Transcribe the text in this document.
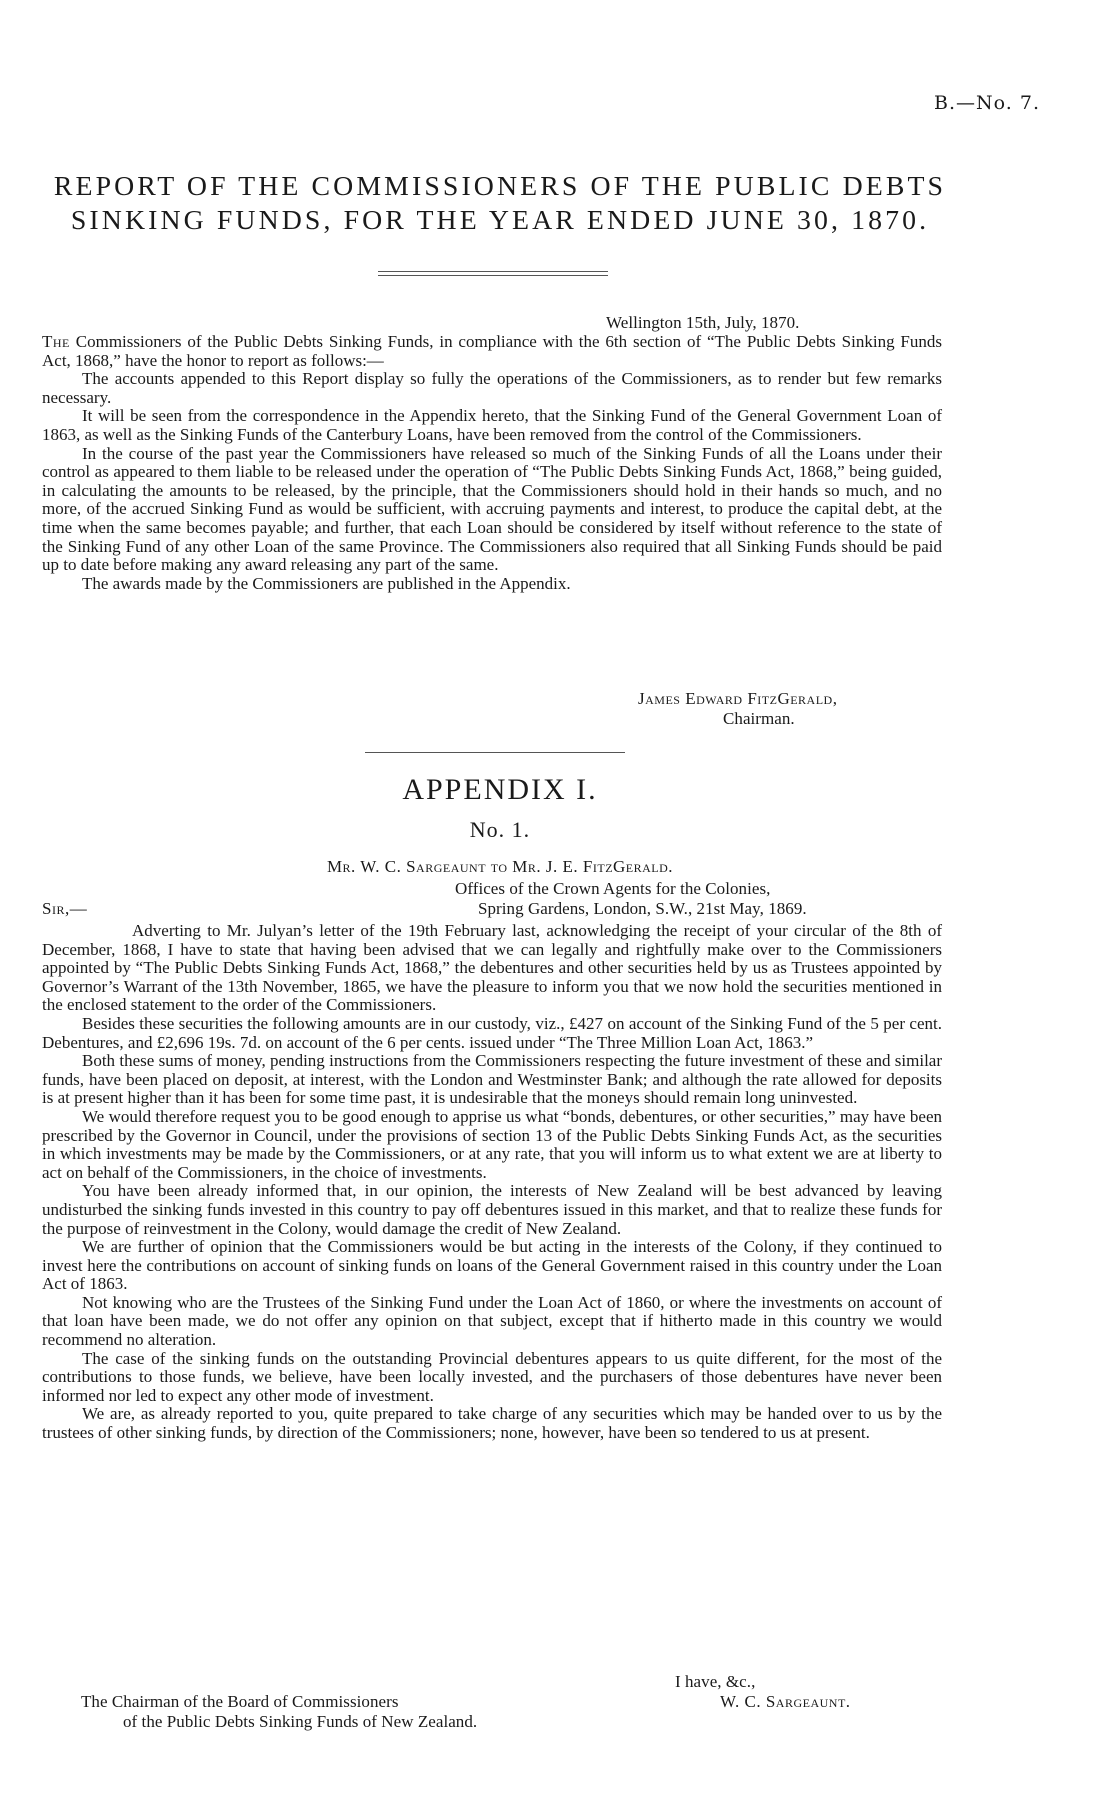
B.—No. 7.
REPORT OF THE COMMISSIONERS OF THE PUBLIC DEBTS
SINKING FUNDS, FOR THE YEAR ENDED JUNE 30, 1870.
Wellington 15th, July, 1870.

The Commissioners of the Public Debts Sinking Funds, in compliance with the 6th section of “The Public Debts Sinking Funds Act, 1868,” have the honor to report as follows:—

The accounts appended to this Report display so fully the operations of the Commissioners, as to render but few remarks necessary.

It will be seen from the correspondence in the Appendix hereto, that the Sinking Fund of the General Government Loan of 1863, as well as the Sinking Funds of the Canterbury Loans, have been removed from the control of the Commissioners.

In the course of the past year the Commissioners have released so much of the Sinking Funds of all the Loans under their control as appeared to them liable to be released under the operation of “The Public Debts Sinking Funds Act, 1868,” being guided, in calculating the amounts to be released, by the principle, that the Commissioners should hold in their hands so much, and no more, of the accrued Sinking Fund as would be sufficient, with accruing payments and interest, to produce the capital debt, at the time when the same becomes payable; and further, that each Loan should be considered by itself without reference to the state of the Sinking Fund of any other Loan of the same Province. The Commissioners also required that all Sinking Funds should be paid up to date before making any award releasing any part of the same.

The awards made by the Commissioners are published in the Appendix.

James Edward FitzGerald,
Chairman.
APPENDIX I.
No. 1.
Mr. W. C. Sargeaunt to Mr. J. E. FitzGerald.
Offices of the Crown Agents for the Colonies,
Sir,—	Spring Gardens, London, S.W., 21st May, 1869.

Adverting to Mr. Julyan’s letter of the 19th February last, acknowledging the receipt of your circular of the 8th of December, 1868, I have to state that having been advised that we can legally and rightfully make over to the Commissioners appointed by “The Public Debts Sinking Funds Act, 1868,” the debentures and other securities held by us as Trustees appointed by Governor’s Warrant of the 13th November, 1865, we have the pleasure to inform you that we now hold the securities mentioned in the enclosed statement to the order of the Commissioners.

Besides these securities the following amounts are in our custody, viz., £427 on account of the Sinking Fund of the 5 per cent. Debentures, and £2,696 19s. 7d. on account of the 6 per cents. issued under “The Three Million Loan Act, 1863.”

Both these sums of money, pending instructions from the Commissioners respecting the future investment of these and similar funds, have been placed on deposit, at interest, with the London and Westminster Bank; and although the rate allowed for deposits is at present higher than it has been for some time past, it is undesirable that the moneys should remain long uninvested.

We would therefore request you to be good enough to apprise us what “bonds, debentures, or other securities,” may have been prescribed by the Governor in Council, under the provisions of section 13 of the Public Debts Sinking Funds Act, as the securities in which investments may be made by the Commissioners, or at any rate, that you will inform us to what extent we are at liberty to act on behalf of the Commissioners, in the choice of investments.

You have been already informed that, in our opinion, the interests of New Zealand will be best advanced by leaving undisturbed the sinking funds invested in this country to pay off debentures issued in this market, and that to realize these funds for the purpose of reinvestment in the Colony, would damage the credit of New Zealand.

We are further of opinion that the Commissioners would be but acting in the interests of the Colony, if they continued to invest here the contributions on account of sinking funds on loans of the General Government raised in this country under the Loan Act of 1863.

Not knowing who are the Trustees of the Sinking Fund under the Loan Act of 1860, or where the investments on account of that loan have been made, we do not offer any opinion on that subject, except that if hitherto made in this country we would recommend no alteration.

The case of the sinking funds on the outstanding Provincial debentures appears to us quite different, for the most of the contributions to those funds, we believe, have been locally invested, and the purchasers of those debentures have never been informed nor led to expect any other mode of investment.

We are, as already reported to you, quite prepared to take charge of any securities which may be handed over to us by the trustees of other sinking funds, by direction of the Commissioners; none, however, have been so tendered to us at present.

I have, &c.,
The Chairman of the Board of Commissioners	W. C. Sargeaunt.
of the Public Debts Sinking Funds of New Zealand.
